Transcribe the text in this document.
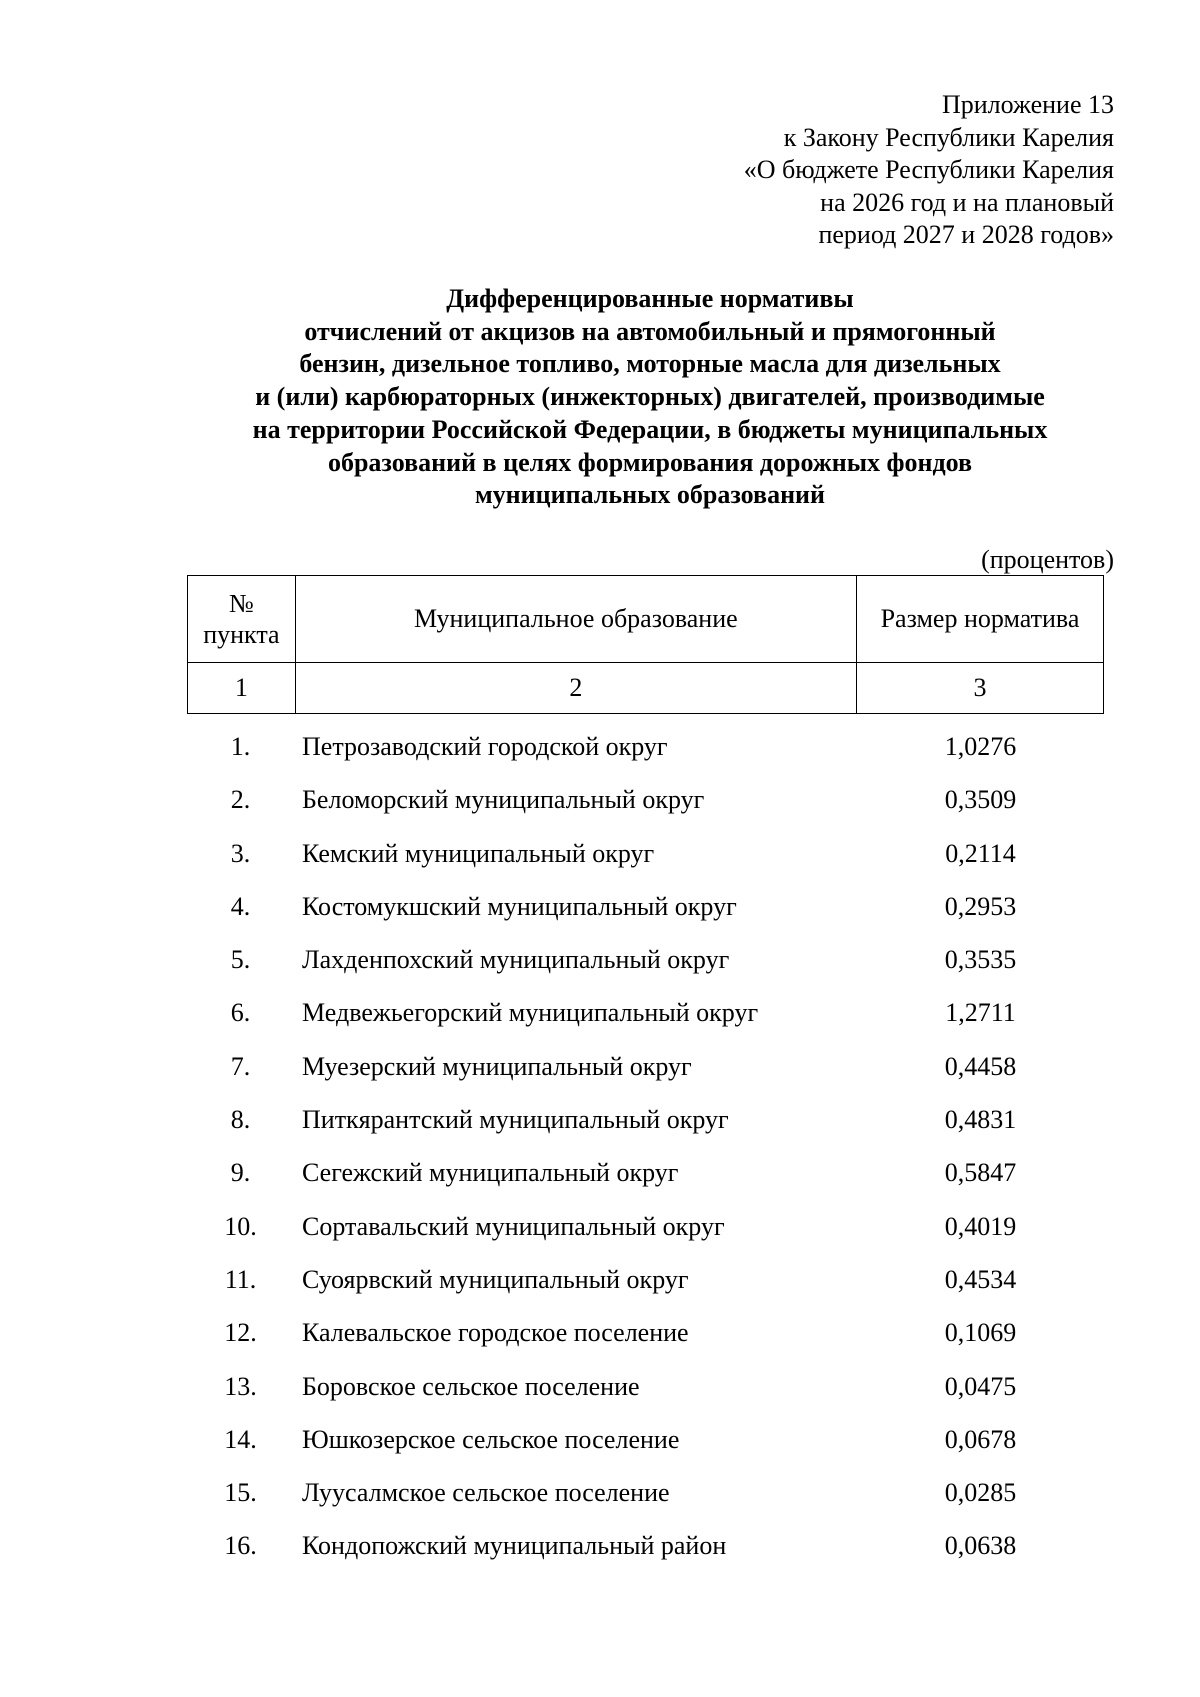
Приложение 13
к Закону Республики Карелия
«О бюджете Республики Карелия
на 2026 год и на плановый
период 2027 и 2028 годов»
Дифференцированные нормативы
отчислений от акцизов на автомобильный и прямогонный
бензин, дизельное топливо, моторные масла для дизельных
и (или) карбюраторных (инжекторных) двигателей, производимые
на территории Российской Федерации, в бюджеты муниципальных
образований в целях формирования дорожных фондов
муниципальных образований
(процентов)
№
пункта	Муниципальное образование	Размер норматива
1	2	3
1.	Петрозаводский городской округ	1,0276
2.	Беломорский муниципальный округ	0,3509
3.	Кемский муниципальный округ	0,2114
4.	Костомукшский муниципальный округ	0,2953
5.	Лахденпохский муниципальный округ	0,3535
6.	Медвежьегорский муниципальный округ	1,2711
7.	Муезерский муниципальный округ	0,4458
8.	Питкярантский муниципальный округ	0,4831
9.	Сегежский муниципальный округ	0,5847
10.	Сортавальский муниципальный округ	0,4019
11.	Суоярвский муниципальный округ	0,4534
12.	Калевальское городское поселение	0,1069
13.	Боровское сельское поселение	0,0475
14.	Юшкозерское сельское поселение	0,0678
15.	Луусалмское сельское поселение	0,0285
16.	Кондопожский муниципальный район	0,0638
